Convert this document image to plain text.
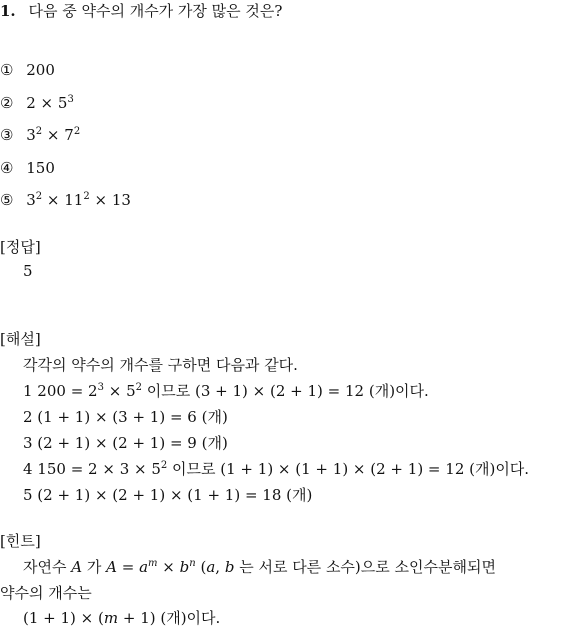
1. 다음 중 약수의 개수가 가장 많은 것은?
① 200
② $2 \times 5^3$
③ $3^2 \times 7^2$
④ 150
⑤ $3^2 \times 11^2 \times 13$
[정답]
5
[해설]
각각의 약수의 개수를 구하면 다음과 같다.
1 $200 = 2^3 \times 5^2$ 이므로 (3 + 1) × (2 + 1) = 12 (개)이다.
2 (1 + 1) × (3 + 1) = 6 (개)
3 (2 + 1) × (2 + 1) = 9 (개)
4 $150 = 2 \times 3 \times 5^2$ 이므로 (1 + 1) × (1 + 1) × (2 + 1) = 12 (개)이다.
5 (2 + 1) × (2 + 1) × (1 + 1) = 18 (개)
[힌트]
자연수 A 가 $A = a^m \times b^n$ (a, b 는 서로 다른 소수)으로 소인수분해되면
약수의 개수는
(1 + 1) × (m + 1) (개)이다.
